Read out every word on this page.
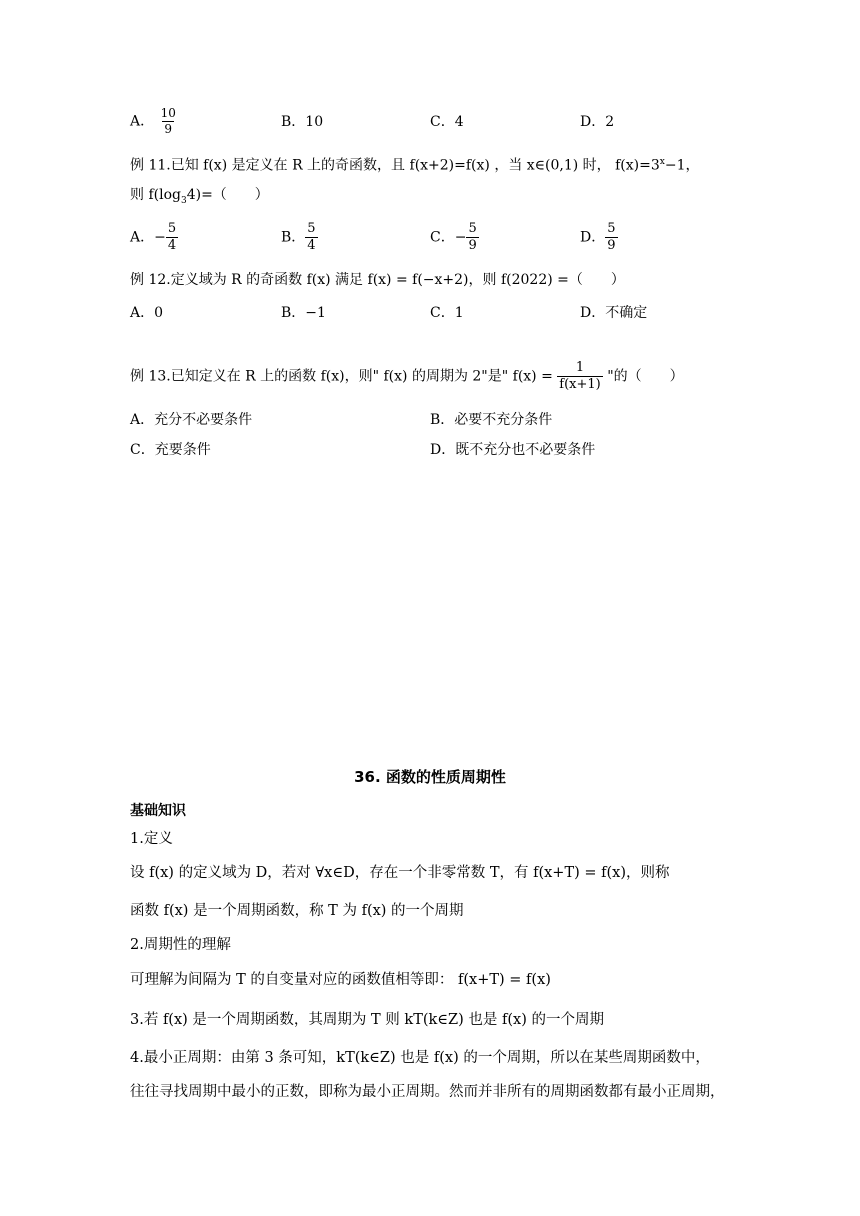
A． $\frac{10}{9}$	B．10	C．4	D．2
例 11.已知 f(x) 是定义在 R 上的奇函数，且 f(x+2)=f(x) ，当 x∈(0,1) 时， $f(x)=3^x-1$，
则 $f(\log_34)=$（　　）
A．− $\frac{5}{4}$	B． $\frac{5}{4}$	C．− $\frac{5}{9}$	D． $\frac{5}{9}$
例 12.定义域为 R 的奇函数 f(x) 满足 f(x) = f(−x+2)，则 f(2022) =（　　）
A．0	B．−1	C．1	D．不确定
例 13.已知定义在 R 上的函数 f(x)，则" f(x) 的周期为 2"是" $f(x) = \frac{1}{f(x+1)}$ "的（　　）
A．充分不必要条件	B．必要不充分条件
C．充要条件	D．既不充分也不必要条件
36. 函数的性质周期性
基础知识
1.定义
设 f(x) 的定义域为 D，若对 ∀x∈D，存在一个非零常数 T，有 f(x+T) = f(x)，则称
函数 f(x) 是一个周期函数，称 T 为 f(x) 的一个周期
2.周期性的理解
可理解为间隔为 T 的自变量对应的函数值相等即： f(x+T) = f(x)
3.若 f(x) 是一个周期函数，其周期为 T 则 kT(k∈Z) 也是 f(x) 的一个周期
4.最小正周期：由第 3 条可知，kT(k∈Z) 也是 f(x) 的一个周期，所以在某些周期函数中，
往往寻找周期中最小的正数，即称为最小正周期。然而并非所有的周期函数都有最小正周期，
